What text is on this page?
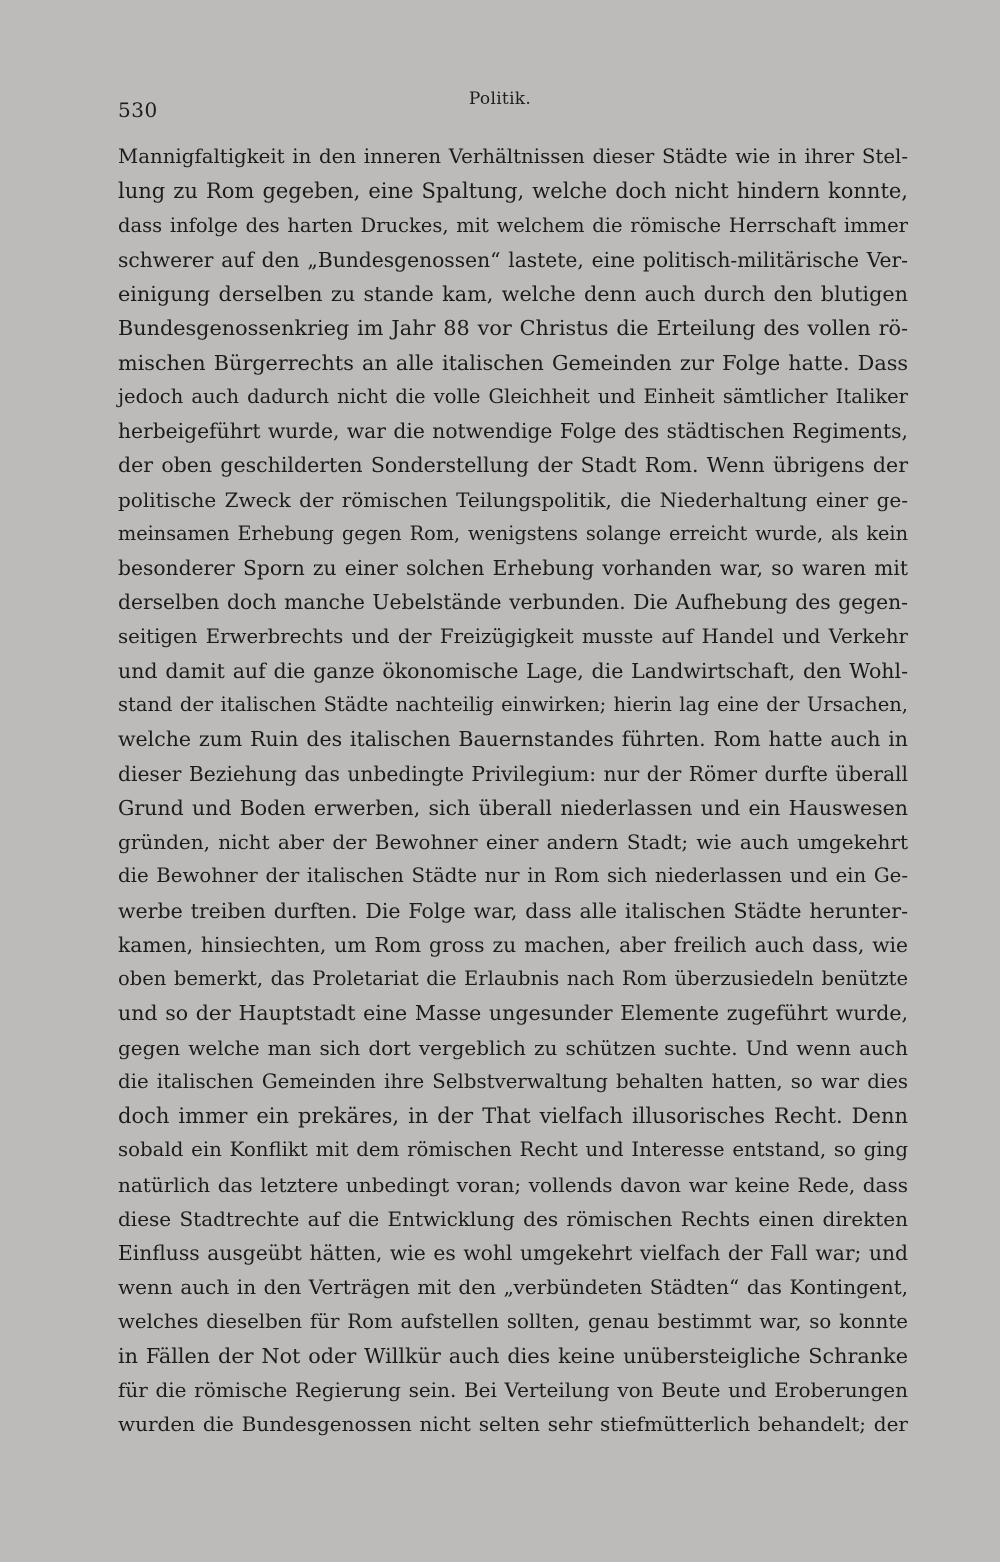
530	Politik.
Mannigfaltigkeit in den inneren Verhältnissen dieser Städte wie in ihrer Stel-
lung zu Rom gegeben, eine Spaltung, welche doch nicht hindern konnte,
dass infolge des harten Druckes, mit welchem die römische Herrschaft immer
schwerer auf den „Bundesgenossen“ lastete, eine politisch-militärische Ver-
einigung derselben zu stande kam, welche denn auch durch den blutigen
Bundesgenossenkrieg im Jahr 88 vor Christus die Erteilung des vollen rö-
mischen Bürgerrechts an alle italischen Gemeinden zur Folge hatte. Dass
jedoch auch dadurch nicht die volle Gleichheit und Einheit sämtlicher Italiker
herbeigeführt wurde, war die notwendige Folge des städtischen Regiments,
der oben geschilderten Sonderstellung der Stadt Rom. Wenn übrigens der
politische Zweck der römischen Teilungspolitik, die Niederhaltung einer ge-
meinsamen Erhebung gegen Rom, wenigstens solange erreicht wurde, als kein
besonderer Sporn zu einer solchen Erhebung vorhanden war, so waren mit
derselben doch manche Uebelstände verbunden. Die Aufhebung des gegen-
seitigen Erwerbrechts und der Freizügigkeit musste auf Handel und Verkehr
und damit auf die ganze ökonomische Lage, die Landwirtschaft, den Wohl-
stand der italischen Städte nachteilig einwirken; hierin lag eine der Ursachen,
welche zum Ruin des italischen Bauernstandes führten. Rom hatte auch in
dieser Beziehung das unbedingte Privilegium: nur der Römer durfte überall
Grund und Boden erwerben, sich überall niederlassen und ein Hauswesen
gründen, nicht aber der Bewohner einer andern Stadt; wie auch umgekehrt
die Bewohner der italischen Städte nur in Rom sich niederlassen und ein Ge-
werbe treiben durften. Die Folge war, dass alle italischen Städte herunter-
kamen, hinsiechten, um Rom gross zu machen, aber freilich auch dass, wie
oben bemerkt, das Proletariat die Erlaubnis nach Rom überzusiedeln benützte
und so der Hauptstadt eine Masse ungesunder Elemente zugeführt wurde,
gegen welche man sich dort vergeblich zu schützen suchte. Und wenn auch
die italischen Gemeinden ihre Selbstverwaltung behalten hatten, so war dies
doch immer ein prekäres, in der That vielfach illusorisches Recht. Denn
sobald ein Konflikt mit dem römischen Recht und Interesse entstand, so ging
natürlich das letztere unbedingt voran; vollends davon war keine Rede, dass
diese Stadtrechte auf die Entwicklung des römischen Rechts einen direkten
Einfluss ausgeübt hätten, wie es wohl umgekehrt vielfach der Fall war; und
wenn auch in den Verträgen mit den „verbündeten Städten“ das Kontingent,
welches dieselben für Rom aufstellen sollten, genau bestimmt war, so konnte
in Fällen der Not oder Willkür auch dies keine unübersteigliche Schranke
für die römische Regierung sein. Bei Verteilung von Beute und Eroberungen
wurden die Bundesgenossen nicht selten sehr stiefmütterlich behandelt; der
